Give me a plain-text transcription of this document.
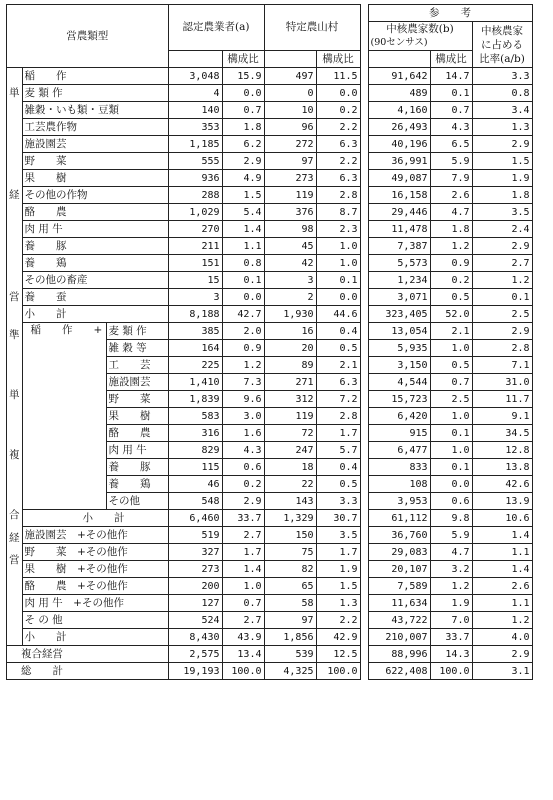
営農類型			認定農業者(a)		特定農山村			参　　考		

								中核農家数(b)
(90センサス)		中核農家
に占める
比率(a/b)

				構成比		構成比			構成比	

単
経
営	稲　　作		3,048	15.9	497	11.5		91,642	14.7	3.3
	麦 類 作		4	0.0	0	0.0		489	0.1	0.8
	雑穀・いも類・豆類		140	0.7	10	0.2		4,160	0.7	3.4
	工芸農作物		353	1.8	96	2.2		26,493	4.3	1.3
	施設園芸		1,185	6.2	272	6.3		40,196	6.5	2.9
	野　　菜		555	2.9	97	2.2		36,991	5.9	1.5
	果　　樹		936	4.9	273	6.3		49,087	7.9	1.9
	その他の作物		288	1.5	119	2.8		16,158	2.6	1.8
	酪　　農		1,029	5.4	376	8.7		29,446	4.7	3.5
	肉 用 牛		270	1.4	98	2.3		11,478	1.8	2.4
	養　　豚		211	1.1	45	1.0		7,387	1.2	2.9
	養　　鶏		151	0.8	42	1.0		5,573	0.9	2.7
	その他の畜産		15	0.1	3	0.1		1,234	0.2	1.2
	養　　蚕		3	0.0	2	0.0		3,071	0.5	0.1
	小　　計		8,188	42.7	1,930	44.6		323,405	52.0	2.5

準
単
複
合	稲　　作　　+	麦 類 作	385	2.0	16	0.4		13,054	2.1	2.9
		雑 穀 等	164	0.9	20	0.5		5,935	1.0	2.8
		工　　芸	225	1.2	89	2.1		3,150	0.5	7.1
		施設園芸	1,410	7.3	271	6.3		4,544	0.7	31.0
		野　　菜	1,839	9.6	312	7.2		15,723	2.5	11.7
		果　　樹	583	3.0	119	2.8		6,420	1.0	9.1
		酪　　農	316	1.6	72	1.7		915	0.1	34.5
		肉 用 牛	829	4.3	247	5.7		6,477	1.0	12.8
		養　　豚	115	0.6	18	0.4		833	0.1	13.8
		養　　鶏	46	0.2	22	0.5		108	0.0	42.6
		その他	548	2.9	143	3.3		3,953	0.6	13.9
	小　　計		6,460	33.7	1,329	30.7		61,112	9.8	10.6

経
営	施設園芸　+その他作		519	2.7	150	3.5		36,760	5.9	1.4
	野　　菜　+その他作		327	1.7	75	1.7		29,083	4.7	1.1
	果　　樹　+その他作		273	1.4	82	1.9		20,107	3.2	1.4
	酪　　農　+その他作		200	1.0	65	1.5		7,589	1.2	2.6
	肉 用 牛　+その他作		127	0.7	58	1.3		11,634	1.9	1.1
	そ の 他		524	2.7	97	2.2		43,722	7.0	1.2
	小　　計		8,430	43.9	1,856	42.9		210,007	33.7	4.0
複合経営			2,575	13.4	539	12.5		88,996	14.3	2.9
総　　計			19,193	100.0	4,325	100.0		622,408	100.0	3.1
